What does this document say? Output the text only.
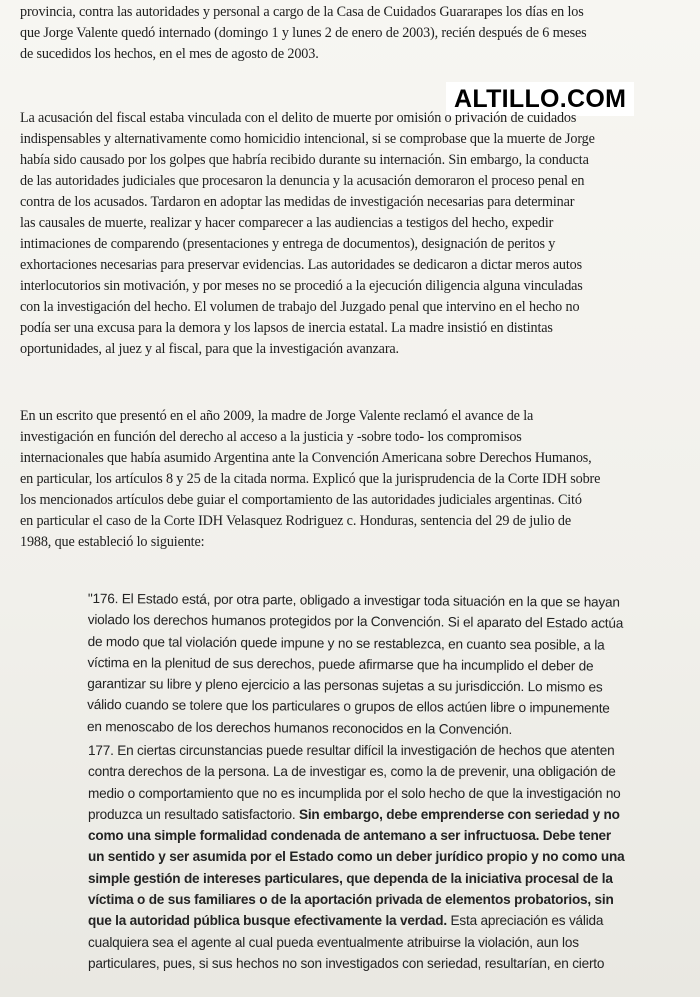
ALTILLO.COM

provincia, contra las autoridades y personal a cargo de la Casa de Cuidados Guararapes los días en los
que Jorge Valente quedó internado (domingo 1 y lunes 2 de enero de 2003), recién después de 6 meses
de sucedidos los hechos, en el mes de agosto de 2003.

La acusación del fiscal estaba vinculada con el delito de muerte por omisión o privación de cuidados
indispensables y alternativamente como homicidio intencional, si se comprobase que la muerte de Jorge
había sido causado por los golpes que habría recibido durante su internación. Sin embargo, la conducta
de las autoridades judiciales que procesaron la denuncia y la acusación demoraron el proceso penal en
contra de los acusados. Tardaron en adoptar las medidas de investigación necesarias para determinar
las causales de muerte, realizar y hacer comparecer a las audiencias a testigos del hecho, expedir
intimaciones de comparendo (presentaciones y entrega de documentos), designación de peritos y
exhortaciones necesarias para preservar evidencias. Las autoridades se dedicaron a dictar meros autos
interlocutorios sin motivación, y por meses no se procedió a la ejecución diligencia alguna vinculadas
con la investigación del hecho. El volumen de trabajo del Juzgado penal que intervino en el hecho no
podía ser una excusa para la demora y los lapsos de inercia estatal. La madre insistió en distintas
oportunidades, al juez y al fiscal, para que la investigación avanzara.

En un escrito que presentó en el año 2009, la madre de Jorge Valente reclamó el avance de la
investigación en función del derecho al acceso a la justicia y -sobre todo- los compromisos
internacionales que había asumido Argentina ante la Convención Americana sobre Derechos Humanos,
en particular, los artículos 8 y 25 de la citada norma. Explicó que la jurisprudencia de la Corte IDH sobre
los mencionados artículos debe guiar el comportamiento de las autoridades judiciales argentinas. Citó
en particular el caso de la Corte IDH Velasquez Rodriguez c. Honduras, sentencia del 29 de julio de
1988, que estableció lo siguiente:

"176. El Estado está, por otra parte, obligado a investigar toda situación en la que se hayan
violado los derechos humanos protegidos por la Convención. Si el aparato del Estado actúa
de modo que tal violación quede impune y no se restablezca, en cuanto sea posible, a la
víctima en la plenitud de sus derechos, puede afirmarse que ha incumplido el deber de
garantizar su libre y pleno ejercicio a las personas sujetas a su jurisdicción. Lo mismo es
válido cuando se tolere que los particulares o grupos de ellos actúen libre o impunemente
en menoscabo de los derechos humanos reconocidos en la Convención.
177. En ciertas circunstancias puede resultar difícil la investigación de hechos que atenten
contra derechos de la persona. La de investigar es, como la de prevenir, una obligación de
medio o comportamiento que no es incumplida por el solo hecho de que la investigación no
produzca un resultado satisfactorio. Sin embargo, debe emprenderse con seriedad y no
como una simple formalidad condenada de antemano a ser infructuosa. Debe tener
un sentido y ser asumida por el Estado como un deber jurídico propio y no como una
simple gestión de intereses particulares, que dependa de la iniciativa procesal de la
víctima o de sus familiares o de la aportación privada de elementos probatorios, sin
que la autoridad pública busque efectivamente la verdad. Esta apreciación es válida
cualquiera sea el agente al cual pueda eventualmente atribuirse la violación, aun los
particulares, pues, si sus hechos no son investigados con seriedad, resultarían, en cierto
